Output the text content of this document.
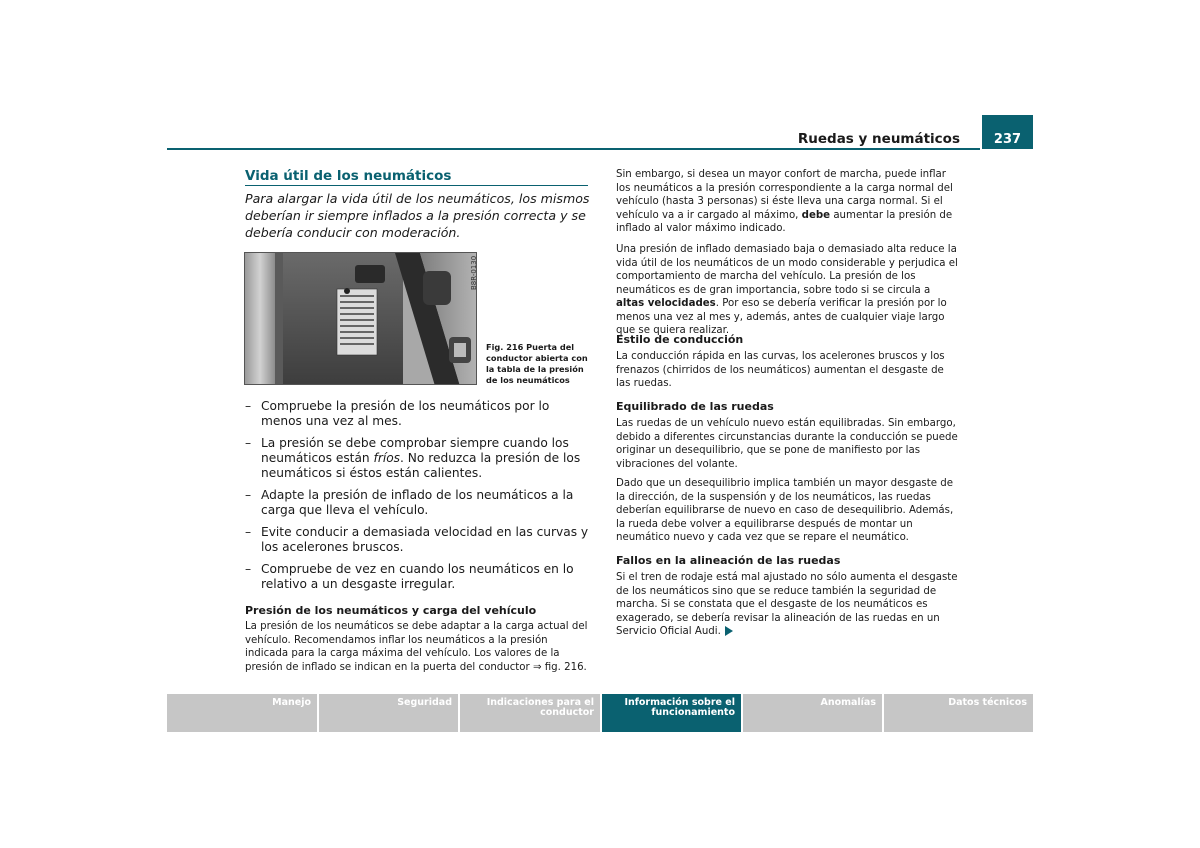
Ruedas y neumáticos	237
Vida útil de los neumáticos
Para alargar la vida útil de los neumáticos, los mismos deberían ir siempre inflados a la presión correcta y se debería conducir con moderación.
B8R-0130
Fig. 216 Puerta del conductor abierta con la tabla de la presión de los neumáticos
– Compruebe la presión de los neumáticos por lo menos una vez al mes.
– La presión se debe comprobar siempre cuando los neumáticos están fríos. No reduzca la presión de los neumáticos si éstos están calientes.
– Adapte la presión de inflado de los neumáticos a la carga que lleva el vehículo.
– Evite conducir a demasiada velocidad en las curvas y los acelerones bruscos.
– Compruebe de vez en cuando los neumáticos en lo relativo a un desgaste irregular.
Presión de los neumáticos y carga del vehículo
La presión de los neumáticos se debe adaptar a la carga actual del vehículo. Recomendamos inflar los neumáticos a la presión indicada para la carga máxima del vehículo. Los valores de la presión de inflado se indican en la puerta del conductor ⇒ fig. 216.

Sin embargo, si desea un mayor confort de marcha, puede inflar los neumáticos a la presión correspondiente a la carga normal del vehículo (hasta 3 personas) si éste lleva una carga normal. Si el vehículo va a ir cargado al máximo, debe aumentar la presión de inflado al valor máximo indicado.

Una presión de inflado demasiado baja o demasiado alta reduce la vida útil de los neumáticos de un modo considerable y perjudica el comportamiento de marcha del vehículo. La presión de los neumáticos es de gran importancia, sobre todo si se circula a altas velocidades. Por eso se debería verificar la presión por lo menos una vez al mes y, además, antes de cualquier viaje largo que se quiera realizar.

Estilo de conducción

La conducción rápida en las curvas, los acelerones bruscos y los frenazos (chirridos de los neumáticos) aumentan el desgaste de las ruedas.

Equilibrado de las ruedas

Las ruedas de un vehículo nuevo están equilibradas. Sin embargo, debido a diferentes circunstancias durante la conducción se puede originar un desequilibrio, que se pone de manifiesto por las vibraciones del volante.

Dado que un desequilibrio implica también un mayor desgaste de la dirección, de la suspensión y de los neumáticos, las ruedas deberían equilibrarse de nuevo en caso de desequilibrio. Además, la rueda debe volver a equilibrarse después de montar un neumático nuevo y cada vez que se repare el neumático.

Fallos en la alineación de las ruedas

Si el tren de rodaje está mal ajustado no sólo aumenta el desgaste de los neumáticos sino que se reduce también la seguridad de marcha. Si se constata que el desgaste de los neumáticos es exagerado, se debería revisar la alineación de las ruedas en un Servicio Oficial Audi.

Manejo	Seguridad	Indicaciones para el conductor
Información sobre el funcionamiento
Anomalías	Datos técnicos
